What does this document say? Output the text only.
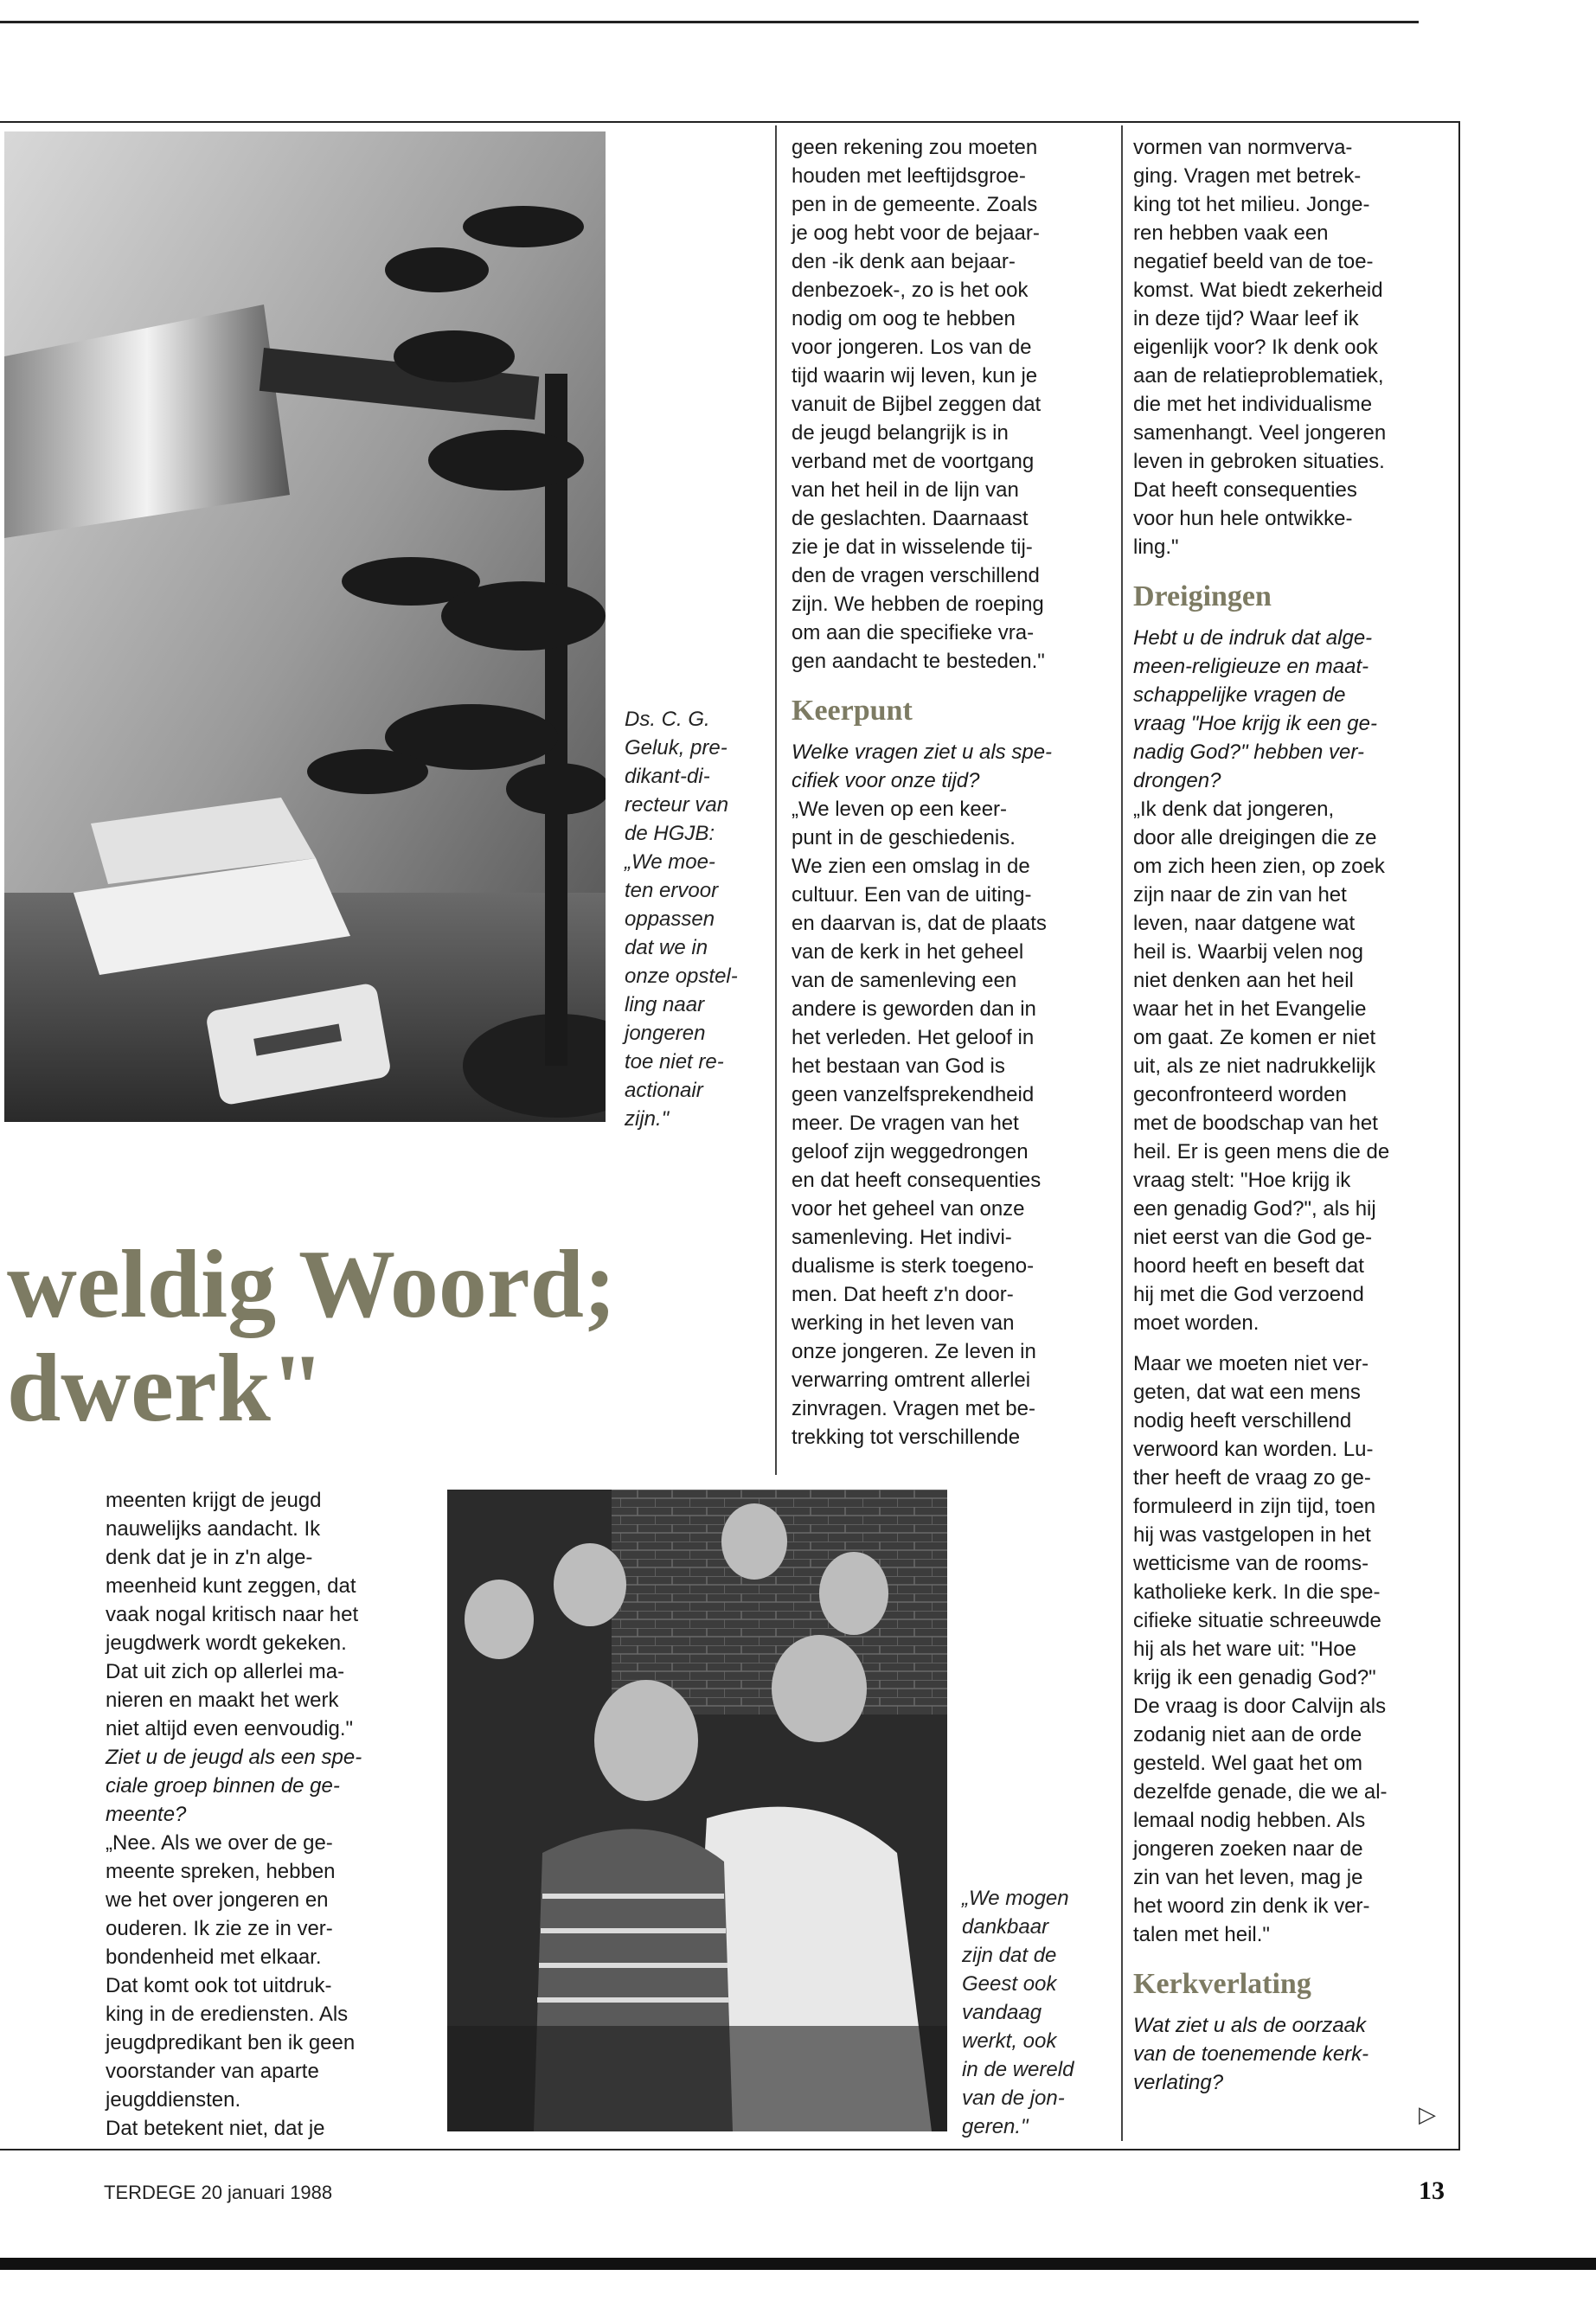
Ds. C. G.
Geluk, pre-
dikant-di-
recteur van
de HGJB:
„We moe-
ten ervoor
oppassen
dat we in
onze opstel-
ling naar
jongeren
toe niet re-
actionair
zijn."
weldig Woord;
dwerk"
„We mogen
dankbaar
zijn dat de
Geest ook
vandaag
werkt, ook
in de wereld
van de jon-
geren."

meenten krijgt de jeugd
nauwelijks aandacht. Ik
denk dat je in z'n alge-
meenheid kunt zeggen, dat
vaak nogal kritisch naar het
jeugdwerk wordt gekeken.
Dat uit zich op allerlei ma-
nieren en maakt het werk
niet altijd even eenvoudig."

Ziet u de jeugd als een spe-
ciale groep binnen de ge-
meente?

„Nee. Als we over de ge-
meente spreken, hebben
we het over jongeren en
ouderen. Ik zie ze in ver-
bondenheid met elkaar.
Dat komt ook tot uitdruk-
king in de erediensten. Als
jeugdpredikant ben ik geen
voorstander van aparte
jeugddiensten.
Dat betekent niet, dat je

geen rekening zou moeten
houden met leeftijdsgroe-
pen in de gemeente. Zoals
je oog hebt voor de bejaar-
den -ik denk aan bejaar-
denbezoek-, zo is het ook
nodig om oog te hebben
voor jongeren. Los van de
tijd waarin wij leven, kun je
vanuit de Bijbel zeggen dat
de jeugd belangrijk is in
verband met de voortgang
van het heil in de lijn van
de geslachten. Daarnaast
zie je dat in wisselende tij-
den de vragen verschillend
zijn. We hebben de roeping
om aan die specifieke vra-
gen aandacht te besteden."

Keerpunt

Welke vragen ziet u als spe-
cifiek voor onze tijd?

„We leven op een keer-
punt in de geschiedenis.
We zien een omslag in de
cultuur. Een van de uiting-
en daarvan is, dat de plaats
van de kerk in het geheel
van de samenleving een
andere is geworden dan in
het verleden. Het geloof in
het bestaan van God is
geen vanzelfsprekendheid
meer. De vragen van het
geloof zijn weggedrongen
en dat heeft consequenties
voor het geheel van onze
samenleving. Het indivi-
dualisme is sterk toegeno-
men. Dat heeft z'n door-
werking in het leven van
onze jongeren. Ze leven in
verwarring omtrent allerlei
zinvragen. Vragen met be-
trekking tot verschillende

vormen van normverva-
ging. Vragen met betrek-
king tot het milieu. Jonge-
ren hebben vaak een
negatief beeld van de toe-
komst. Wat biedt zekerheid
in deze tijd? Waar leef ik
eigenlijk voor? Ik denk ook
aan de relatieproblematiek,
die met het individualisme
samenhangt. Veel jongeren
leven in gebroken situaties.
Dat heeft consequenties
voor hun hele ontwikke-
ling."

Dreigingen

Hebt u de indruk dat alge-
meen-religieuze en maat-
schappelijke vragen de
vraag "Hoe krijg ik een ge-
nadig God?" hebben ver-
drongen?

„Ik denk dat jongeren,
door alle dreigingen die ze
om zich heen zien, op zoek
zijn naar de zin van het
leven, naar datgene wat
heil is. Waarbij velen nog
niet denken aan het heil
waar het in het Evangelie
om gaat. Ze komen er niet
uit, als ze niet nadrukkelijk
geconfronteerd worden
met de boodschap van het
heil. Er is geen mens die de
vraag stelt: "Hoe krijg ik
een genadig God?", als hij
niet eerst van die God ge-
hoord heeft en beseft dat
hij met die God verzoend
moet worden.

Maar we moeten niet ver-
geten, dat wat een mens
nodig heeft verschillend
verwoord kan worden. Lu-
ther heeft de vraag zo ge-
formuleerd in zijn tijd, toen
hij was vastgelopen in het
wetticisme van de rooms-
katholieke kerk. In die spe-
cifieke situatie schreeuwde
hij als het ware uit: "Hoe
krijg ik een genadig God?"
De vraag is door Calvijn als
zodanig niet aan de orde
gesteld. Wel gaat het om
dezelfde genade, die we al-
lemaal nodig hebben. Als
jongeren zoeken naar de
zin van het leven, mag je
het woord zin denk ik ver-
talen met heil."

Kerkverlating

Wat ziet u als de oorzaak
van de toenemende kerk-
verlating?

▷
TERDEGE 20 januari 1988	13
